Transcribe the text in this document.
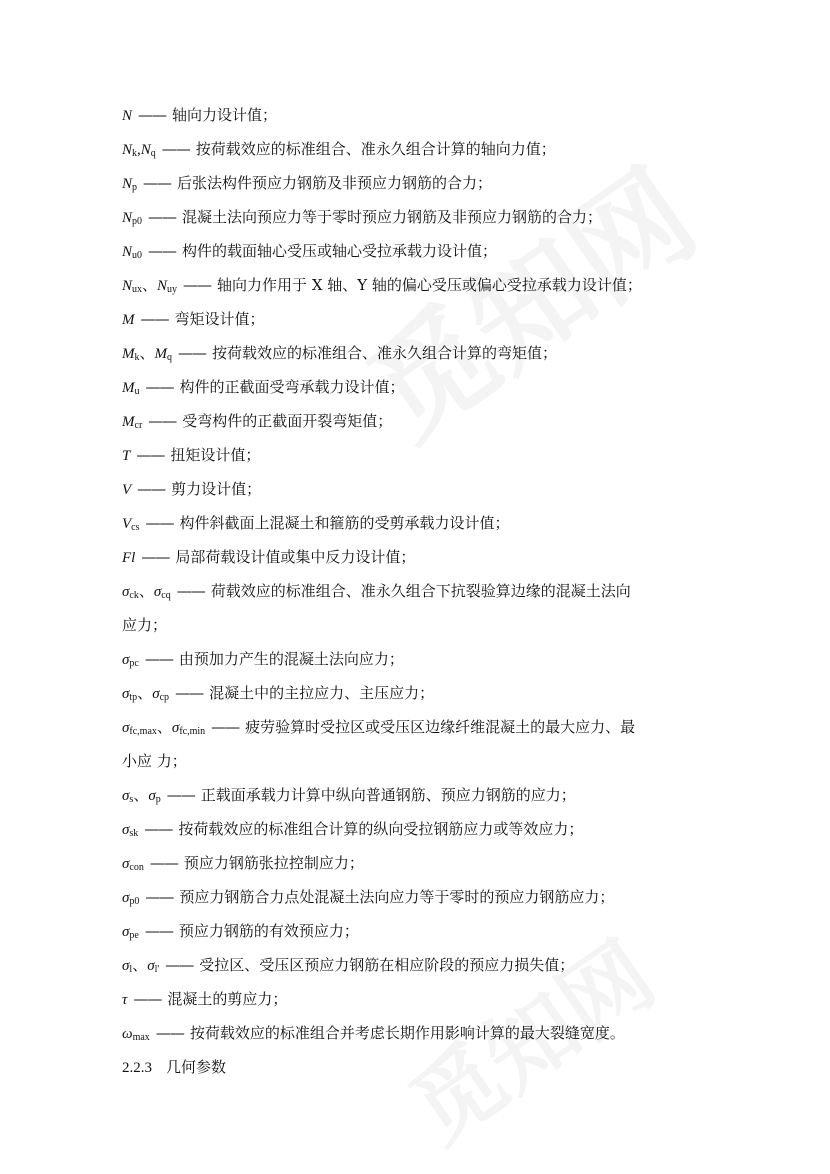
N —— 轴向力设计值；
$N_k,N_q$ —— 按荷载效应的标准组合、准永久组合计算的轴向力值；
$N_p$ —— 后张法构件预应力钢筋及非预应力钢筋的合力；
$N_{p0}$ —— 混凝土法向预应力等于零时预应力钢筋及非预应力钢筋的合力；
$N_{u0}$ —— 构件的载面轴心受压或轴心受拉承载力设计值；
$N_{ux}$、$N_{uy}$ —— 轴向力作用于 X 轴、Y 轴的偏心受压或偏心受拉承载力设计值；
M —— 弯矩设计值；
$M_k$、$M_q$ —— 按荷载效应的标准组合、准永久组合计算的弯矩值；
$M_u$ —— 构件的正截面受弯承载力设计值；
$M_{cr}$ —— 受弯构件的正截面开裂弯矩值；
T —— 扭矩设计值；
V —— 剪力设计值；
$V_{cs}$ —— 构件斜截面上混凝土和箍筋的受剪承载力设计值；
Fl —— 局部荷载设计值或集中反力设计值；
$\sigma_{ck}$、$\sigma_{cq}$ —— 荷载效应的标准组合、准永久组合下抗裂验算边缘的混凝土法向
应力；
$\sigma_{pc}$ —— 由预加力产生的混凝土法向应力；
$\sigma_{tp}$、$\sigma_{cp}$ —— 混凝土中的主拉应力、主压应力；
$\sigma_{fc,max}$、$\sigma_{fc,min}$ —— 疲劳验算时受拉区或受压区边缘纤维混凝土的最大应力、最
小应 力；
$\sigma_s$、$\sigma_p$ —— 正载面承载力计算中纵向普通钢筋、预应力钢筋的应力；
$\sigma_{sk}$ —— 按荷载效应的标准组合计算的纵向受拉钢筋应力或等效应力；
$\sigma_{con}$ —— 预应力钢筋张拉控制应力；
$\sigma_{p0}$ —— 预应力钢筋合力点处混凝土法向应力等于零时的预应力钢筋应力；
$\sigma_{pe}$ —— 预应力钢筋的有效预应力；
$\sigma_l$、$\sigma_{l'}$ —— 受拉区、受压区预应力钢筋在相应阶段的预应力损失值；
τ —— 混凝土的剪应力；
$\omega_{max}$ —— 按荷载效应的标准组合并考虑长期作用影响计算的最大裂缝宽度。
2.2.3 几何参数
